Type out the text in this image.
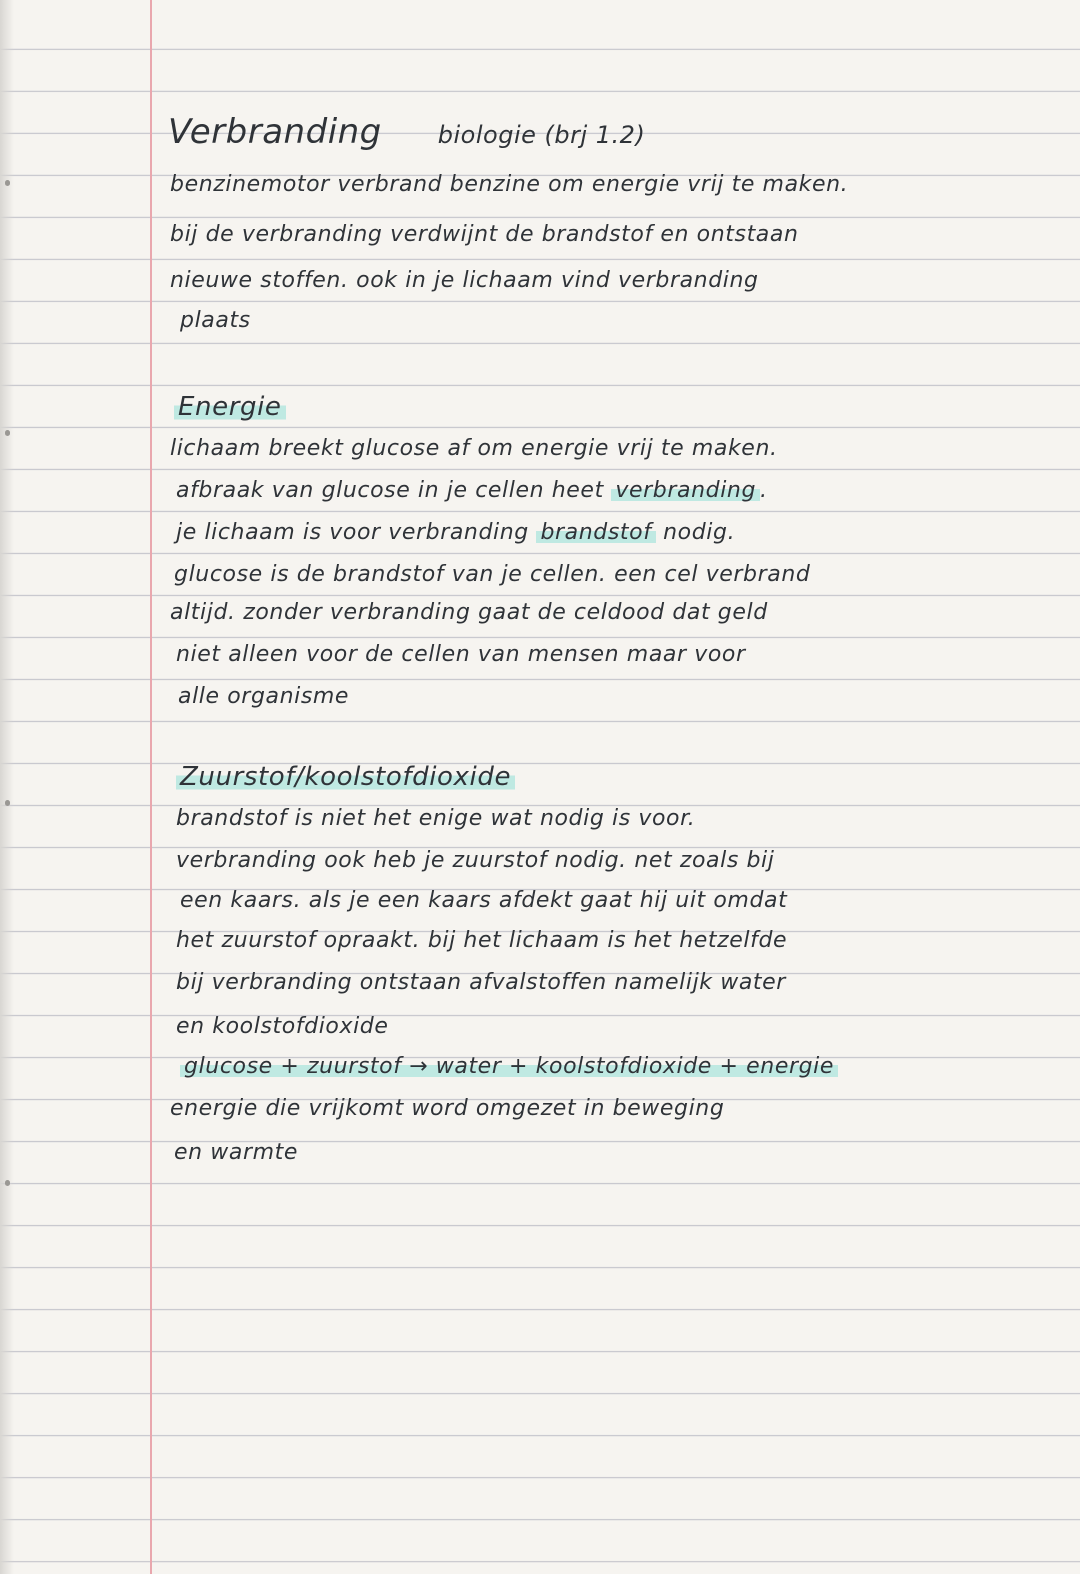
Verbranding biologie (brj 1.2)
benzinemotor verbrand benzine om energie vrij te maken.
bij de verbranding verdwijnt de brandstof en ontstaan
nieuwe stoffen. ook in je lichaam vind verbranding
plaats
Energie
lichaam breekt glucose af om energie vrij te maken.
afbraak van glucose in je cellen heet verbranding .
je lichaam is voor verbranding brandstof nodig.
glucose is de brandstof van je cellen. een cel verbrand
altijd. zonder verbranding gaat de celdood dat geld
niet alleen voor de cellen van mensen maar voor
alle organisme
Zuurstof/koolstofdioxide
brandstof is niet het enige wat nodig is voor.
verbranding ook heb je zuurstof nodig. net zoals bij
een kaars. als je een kaars afdekt gaat hij uit omdat
het zuurstof opraakt. bij het lichaam is het hetzelfde
bij verbranding ontstaan afvalstoffen namelijk water
en koolstofdioxide
glucose + zuurstof → water + koolstofdioxide + energie
energie die vrijkomt word omgezet in beweging
en warmte
